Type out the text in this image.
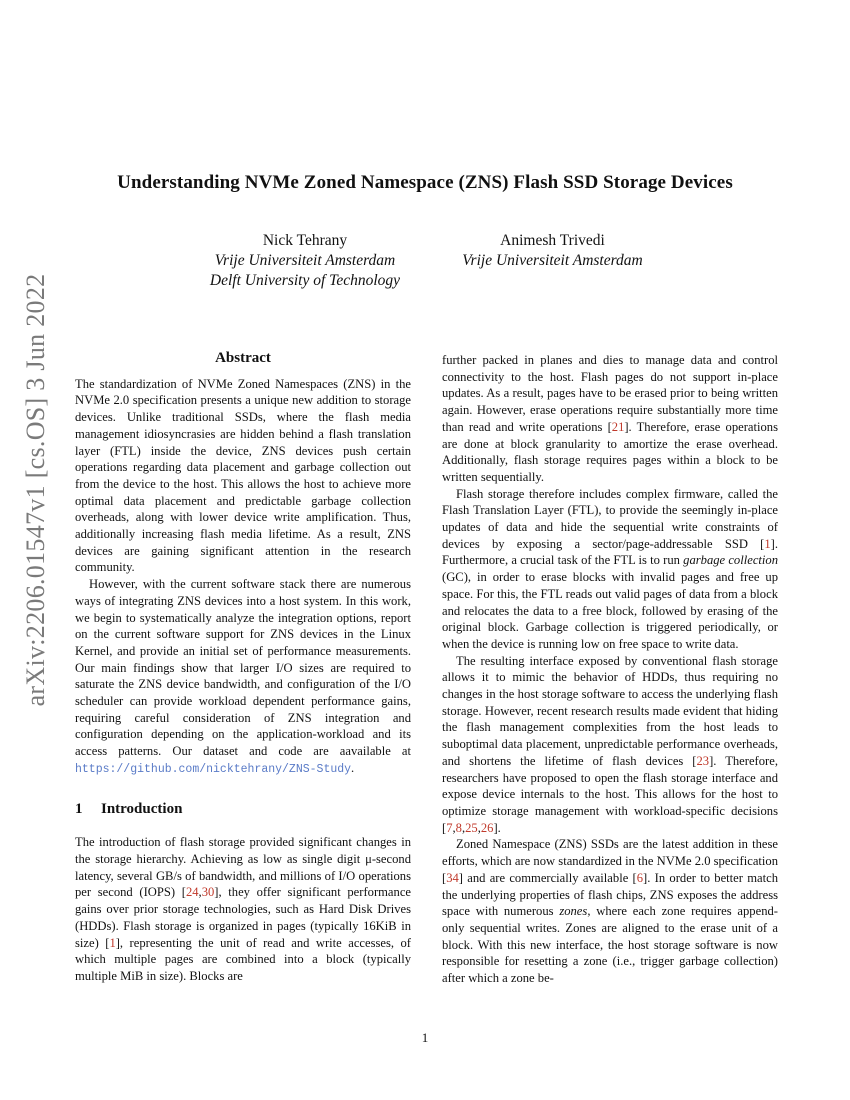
arXiv:2206.01547v1 [cs.OS] 3 Jun 2022
Understanding NVMe Zoned Namespace (ZNS) Flash SSD Storage Devices
Nick Tehrany
Vrije Universiteit Amsterdam
Delft University of Technology
Animesh Trivedi
Vrije Universiteit Amsterdam
Abstract

The standardization of NVMe Zoned Namespaces (ZNS) in the NVMe 2.0 specification presents a unique new addition to storage devices. Unlike traditional SSDs, where the flash media management idiosyncrasies are hidden behind a flash translation layer (FTL) inside the device, ZNS devices push certain operations regarding data placement and garbage collection out from the device to the host. This allows the host to achieve more optimal data placement and predictable garbage collection overheads, along with lower device write amplification. Thus, additionally increasing flash media lifetime. As a result, ZNS devices are gaining significant attention in the research community.

However, with the current software stack there are numerous ways of integrating ZNS devices into a host system. In this work, we begin to systematically analyze the integration options, report on the current software support for ZNS devices in the Linux Kernel, and provide an initial set of performance measurements. Our main findings show that larger I/O sizes are required to saturate the ZNS device bandwidth, and configuration of the I/O scheduler can provide workload dependent performance gains, requiring careful consideration of ZNS integration and configuration depending on the application-workload and its access patterns. Our dataset and code are aavailable at https://github.com/nicktehrany/ZNS-Study.

1 Introduction

The introduction of flash storage provided significant changes in the storage hierarchy. Achieving as low as single digit μ-second latency, several GB/s of bandwidth, and millions of I/O operations per second (IOPS) [24,30], they offer significant performance gains over prior storage technologies, such as Hard Disk Drives (HDDs). Flash storage is organized in pages (typically 16KiB in size) [1], representing the unit of read and write accesses, of which multiple pages are combined into a block (typically multiple MiB in size). Blocks are

further packed in planes and dies to manage data and control connectivity to the host. Flash pages do not support in-place updates. As a result, pages have to be erased prior to being written again. However, erase operations require substantially more time than read and write operations [21]. Therefore, erase operations are done at block granularity to amortize the erase overhead. Additionally, flash storage requires pages within a block to be written sequentially.

Flash storage therefore includes complex firmware, called the Flash Translation Layer (FTL), to provide the seemingly in-place updates of data and hide the sequential write constraints of devices by exposing a sector/page-addressable SSD [1]. Furthermore, a crucial task of the FTL is to run garbage collection (GC), in order to erase blocks with invalid pages and free up space. For this, the FTL reads out valid pages of data from a block and relocates the data to a free block, followed by erasing of the original block. Garbage collection is triggered periodically, or when the device is running low on free space to write data.

The resulting interface exposed by conventional flash storage allows it to mimic the behavior of HDDs, thus requiring no changes in the host storage software to access the underlying flash storage. However, recent research results made evident that hiding the flash management complexities from the host leads to suboptimal data placement, unpredictable performance overheads, and shortens the lifetime of flash devices [23]. Therefore, researchers have proposed to open the flash storage interface and expose device internals to the host. This allows for the host to optimize storage management with workload-specific decisions [7,8,25,26].

Zoned Namespace (ZNS) SSDs are the latest addition in these efforts, which are now standardized in the NVMe 2.0 specification [34] and are commercially available [6]. In order to better match the underlying properties of flash chips, ZNS exposes the address space with numerous zones, where each zone requires append-only sequential writes. Zones are aligned to the erase unit of a block. With this new interface, the host storage software is now responsible for resetting a zone (i.e., trigger garbage collection) after which a zone be-

1
